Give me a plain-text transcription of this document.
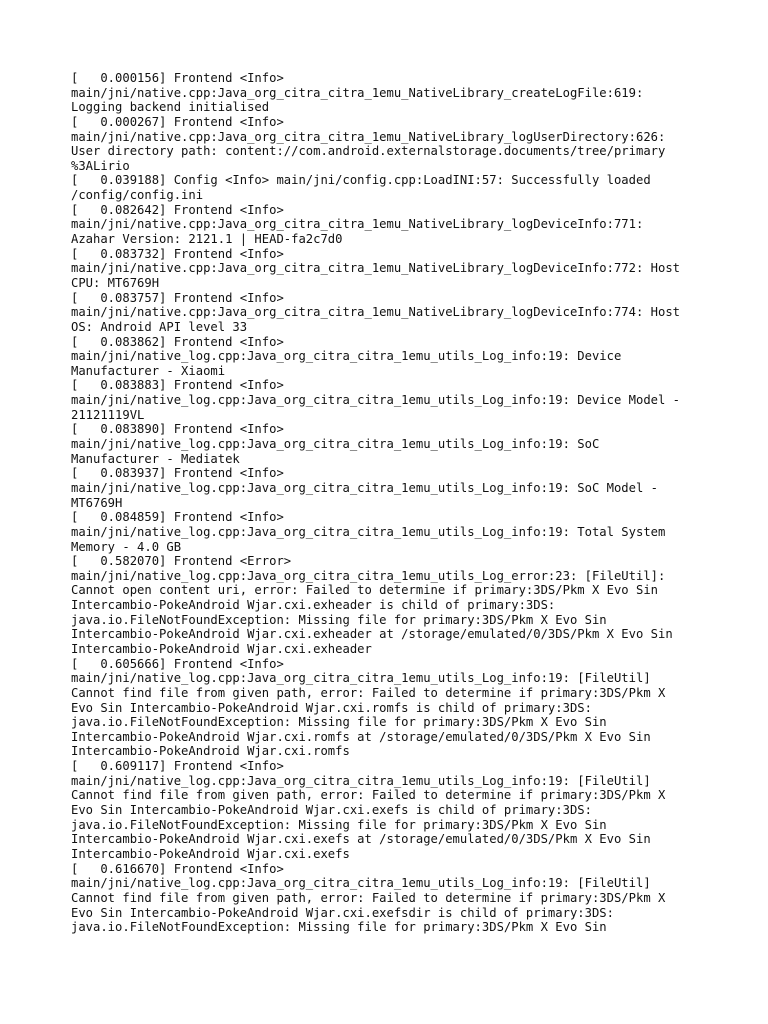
[   0.000156] Frontend <Info>
main/jni/native.cpp:Java_org_citra_citra_1emu_NativeLibrary_createLogFile:619:
Logging backend initialised
[   0.000267] Frontend <Info>
main/jni/native.cpp:Java_org_citra_citra_1emu_NativeLibrary_logUserDirectory:626:
User directory path: content://com.android.externalstorage.documents/tree/primary
%3ALirio
[   0.039188] Config <Info> main/jni/config.cpp:LoadINI:57: Successfully loaded
/config/config.ini
[   0.082642] Frontend <Info>
main/jni/native.cpp:Java_org_citra_citra_1emu_NativeLibrary_logDeviceInfo:771:
Azahar Version: 2121.1 | HEAD-fa2c7d0
[   0.083732] Frontend <Info>
main/jni/native.cpp:Java_org_citra_citra_1emu_NativeLibrary_logDeviceInfo:772: Host
CPU: MT6769H
[   0.083757] Frontend <Info>
main/jni/native.cpp:Java_org_citra_citra_1emu_NativeLibrary_logDeviceInfo:774: Host
OS: Android API level 33
[   0.083862] Frontend <Info>
main/jni/native_log.cpp:Java_org_citra_citra_1emu_utils_Log_info:19: Device
Manufacturer - Xiaomi
[   0.083883] Frontend <Info>
main/jni/native_log.cpp:Java_org_citra_citra_1emu_utils_Log_info:19: Device Model -
21121119VL
[   0.083890] Frontend <Info>
main/jni/native_log.cpp:Java_org_citra_citra_1emu_utils_Log_info:19: SoC
Manufacturer - Mediatek
[   0.083937] Frontend <Info>
main/jni/native_log.cpp:Java_org_citra_citra_1emu_utils_Log_info:19: SoC Model -
MT6769H
[   0.084859] Frontend <Info>
main/jni/native_log.cpp:Java_org_citra_citra_1emu_utils_Log_info:19: Total System
Memory - 4.0 GB
[   0.582070] Frontend <Error>
main/jni/native_log.cpp:Java_org_citra_citra_1emu_utils_Log_error:23: [FileUtil]:
Cannot open content uri, error: Failed to determine if primary:3DS/Pkm X Evo Sin
Intercambio-PokeAndroid Wjar.cxi.exheader is child of primary:3DS:
java.io.FileNotFoundException: Missing file for primary:3DS/Pkm X Evo Sin
Intercambio-PokeAndroid Wjar.cxi.exheader at /storage/emulated/0/3DS/Pkm X Evo Sin
Intercambio-PokeAndroid Wjar.cxi.exheader
[   0.605666] Frontend <Info>
main/jni/native_log.cpp:Java_org_citra_citra_1emu_utils_Log_info:19: [FileUtil]
Cannot find file from given path, error: Failed to determine if primary:3DS/Pkm X
Evo Sin Intercambio-PokeAndroid Wjar.cxi.romfs is child of primary:3DS:
java.io.FileNotFoundException: Missing file for primary:3DS/Pkm X Evo Sin
Intercambio-PokeAndroid Wjar.cxi.romfs at /storage/emulated/0/3DS/Pkm X Evo Sin
Intercambio-PokeAndroid Wjar.cxi.romfs
[   0.609117] Frontend <Info>
main/jni/native_log.cpp:Java_org_citra_citra_1emu_utils_Log_info:19: [FileUtil]
Cannot find file from given path, error: Failed to determine if primary:3DS/Pkm X
Evo Sin Intercambio-PokeAndroid Wjar.cxi.exefs is child of primary:3DS:
java.io.FileNotFoundException: Missing file for primary:3DS/Pkm X Evo Sin
Intercambio-PokeAndroid Wjar.cxi.exefs at /storage/emulated/0/3DS/Pkm X Evo Sin
Intercambio-PokeAndroid Wjar.cxi.exefs
[   0.616670] Frontend <Info>
main/jni/native_log.cpp:Java_org_citra_citra_1emu_utils_Log_info:19: [FileUtil]
Cannot find file from given path, error: Failed to determine if primary:3DS/Pkm X
Evo Sin Intercambio-PokeAndroid Wjar.cxi.exefsdir is child of primary:3DS:
java.io.FileNotFoundException: Missing file for primary:3DS/Pkm X Evo Sin
